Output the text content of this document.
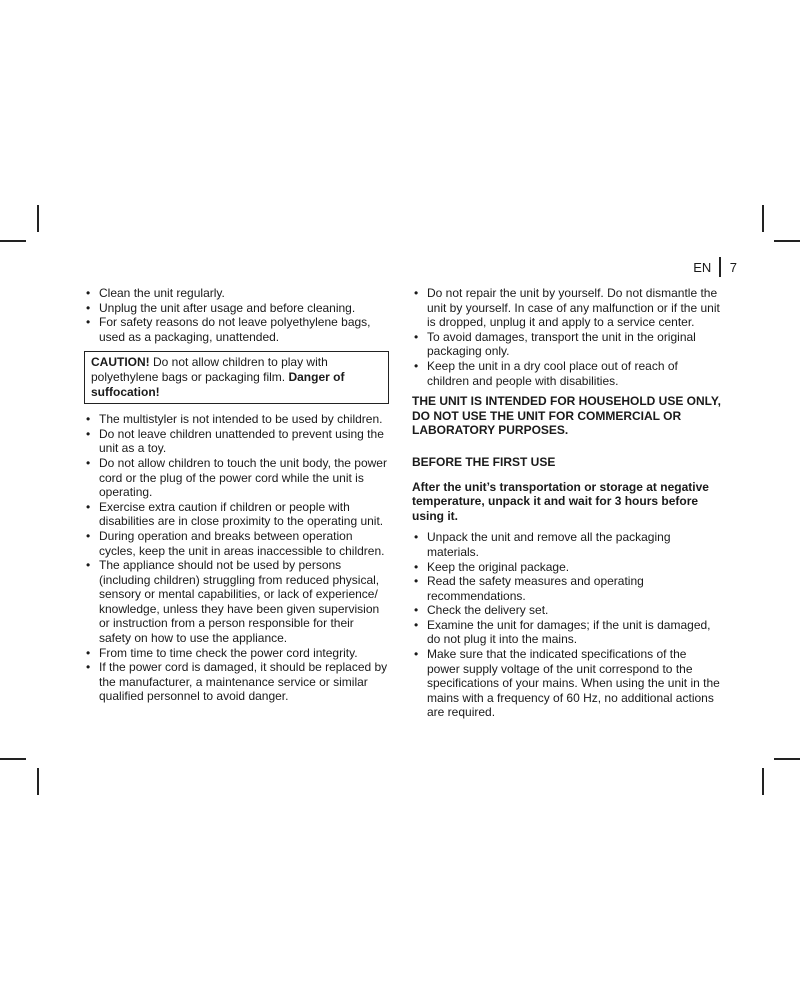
EN 7
• Clean the unit regularly.
• Unplug the unit after usage and before cleaning.
• For safety reasons do not leave polyethylene bags, used as a packaging, unattended.
CAUTION! Do not allow children to play with polyethylene bags or packaging film. Danger of suffocation!
• The multistyler is not intended to be used by children.
• Do not leave children unattended to prevent using the unit as a toy.
• Do not allow children to touch the unit body, the power cord or the plug of the power cord while the unit is operating.
• Exercise extra caution if children or people with disabilities are in close proximity to the operating unit.
• During operation and breaks between operation cycles, keep the unit in areas inaccessible to children.
• The appliance should not be used by persons (including children) struggling from reduced physical, sensory or mental capabilities, or lack of experience/ knowledge, unless they have been given supervision or instruction from a person responsible for their safety on how to use the appliance.
• From time to time check the power cord integrity.
• If the power cord is damaged, it should be replaced by the manufacturer, a maintenance service or similar qualified personnel to avoid danger.
• Do not repair the unit by yourself. Do not dismantle the unit by yourself. In case of any malfunction or if the unit is dropped, unplug it and apply to a service center.
• To avoid damages, transport the unit in the original packaging only.
• Keep the unit in a dry cool place out of reach of children and people with disabilities.
THE UNIT IS INTENDED FOR HOUSEHOLD USE ONLY, DO NOT USE THE UNIT FOR COMMERCIAL OR LABORATORY PURPOSES.
BEFORE THE FIRST USE
After the unit’s transportation or storage at negative temperature, unpack it and wait for 3 hours before using it.
• Unpack the unit and remove all the packaging materials.
• Keep the original package.
• Read the safety measures and operating recommendations.
• Check the delivery set.
• Examine the unit for damages; if the unit is damaged, do not plug it into the mains.
• Make sure that the indicated specifications of the power supply voltage of the unit correspond to the specifications of your mains. When using the unit in the mains with a frequency of 60 Hz, no additional actions are required.
